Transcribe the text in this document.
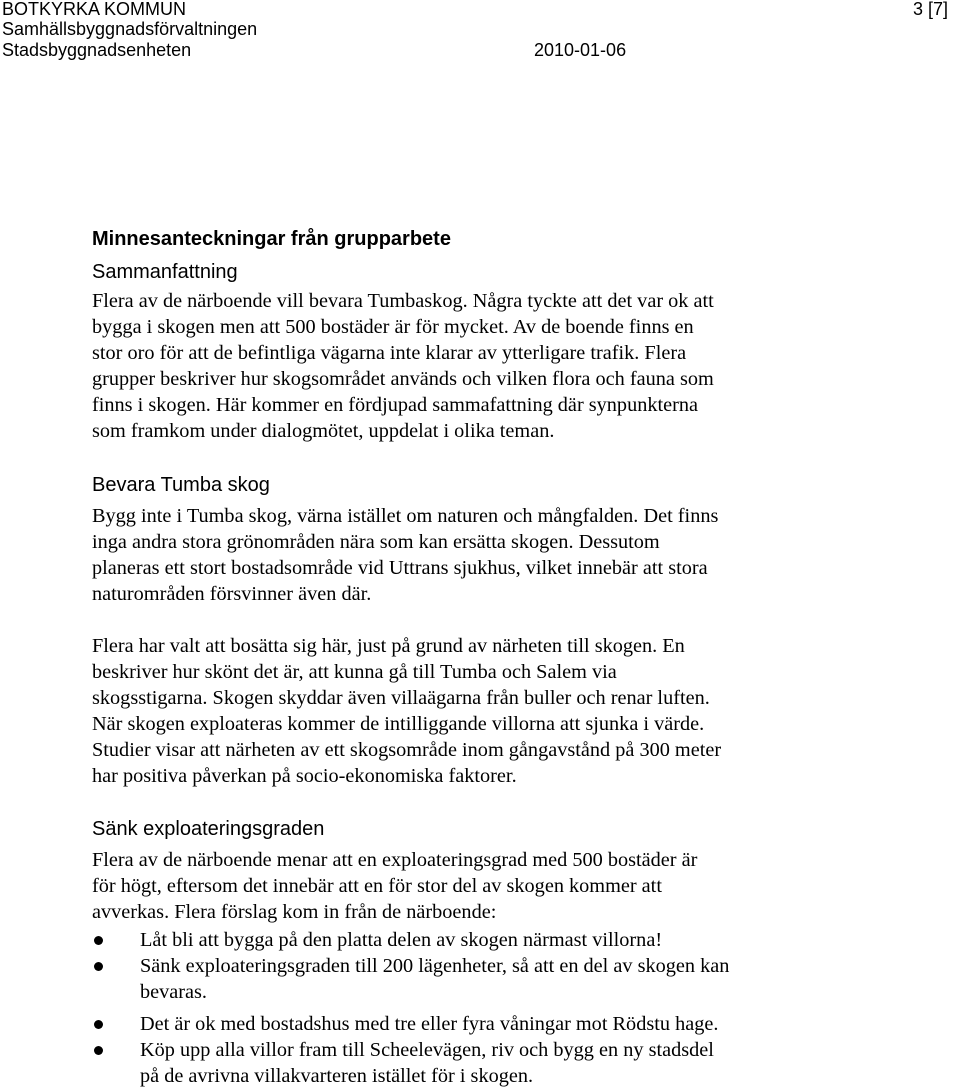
BOTKYRKA KOMMUN	3 [7]
Samhällsbyggnadsförvaltningen
Stadsbyggnadsenheten	2010-01-06
Minnesanteckningar från grupparbete
Sammanfattning
Flera av de närboende vill bevara Tumbaskog. Några tyckte att det var ok att
bygga i skogen men att 500 bostäder är för mycket. Av de boende finns en
stor oro för att de befintliga vägarna inte klarar av ytterligare trafik. Flera
grupper beskriver hur skogsområdet används och vilken flora och fauna som
finns i skogen. Här kommer en fördjupad sammafattning där synpunkterna
som framkom under dialogmötet, uppdelat i olika teman.
Bevara Tumba skog
Bygg inte i Tumba skog, värna istället om naturen och mångfalden. Det finns
inga andra stora grönområden nära som kan ersätta skogen. Dessutom
planeras ett stort bostadsområde vid Uttrans sjukhus, vilket innebär att stora
naturområden försvinner även där.
Flera har valt att bosätta sig här, just på grund av närheten till skogen. En
beskriver hur skönt det är, att kunna gå till Tumba och Salem via
skogsstigarna. Skogen skyddar även villaägarna från buller och renar luften.
När skogen exploateras kommer de intilliggande villorna att sjunka i värde.
Studier visar att närheten av ett skogsområde inom gångavstånd på 300 meter
har positiva påverkan på socio-ekonomiska faktorer.
Sänk exploateringsgraden
Flera av de närboende menar att en exploateringsgrad med 500 bostäder är
för högt, eftersom det innebär att en för stor del av skogen kommer att
avverkas. Flera förslag kom in från de närboende:
Låt bli att bygga på den platta delen av skogen närmast villorna!
Sänk exploateringsgraden till 200 lägenheter, så att en del av skogen kan
bevaras.
Det är ok med bostadshus med tre eller fyra våningar mot Rödstu hage.
Köp upp alla villor fram till Scheelevägen, riv och bygg en ny stadsdel
på de avrivna villakvarteren istället för i skogen.
